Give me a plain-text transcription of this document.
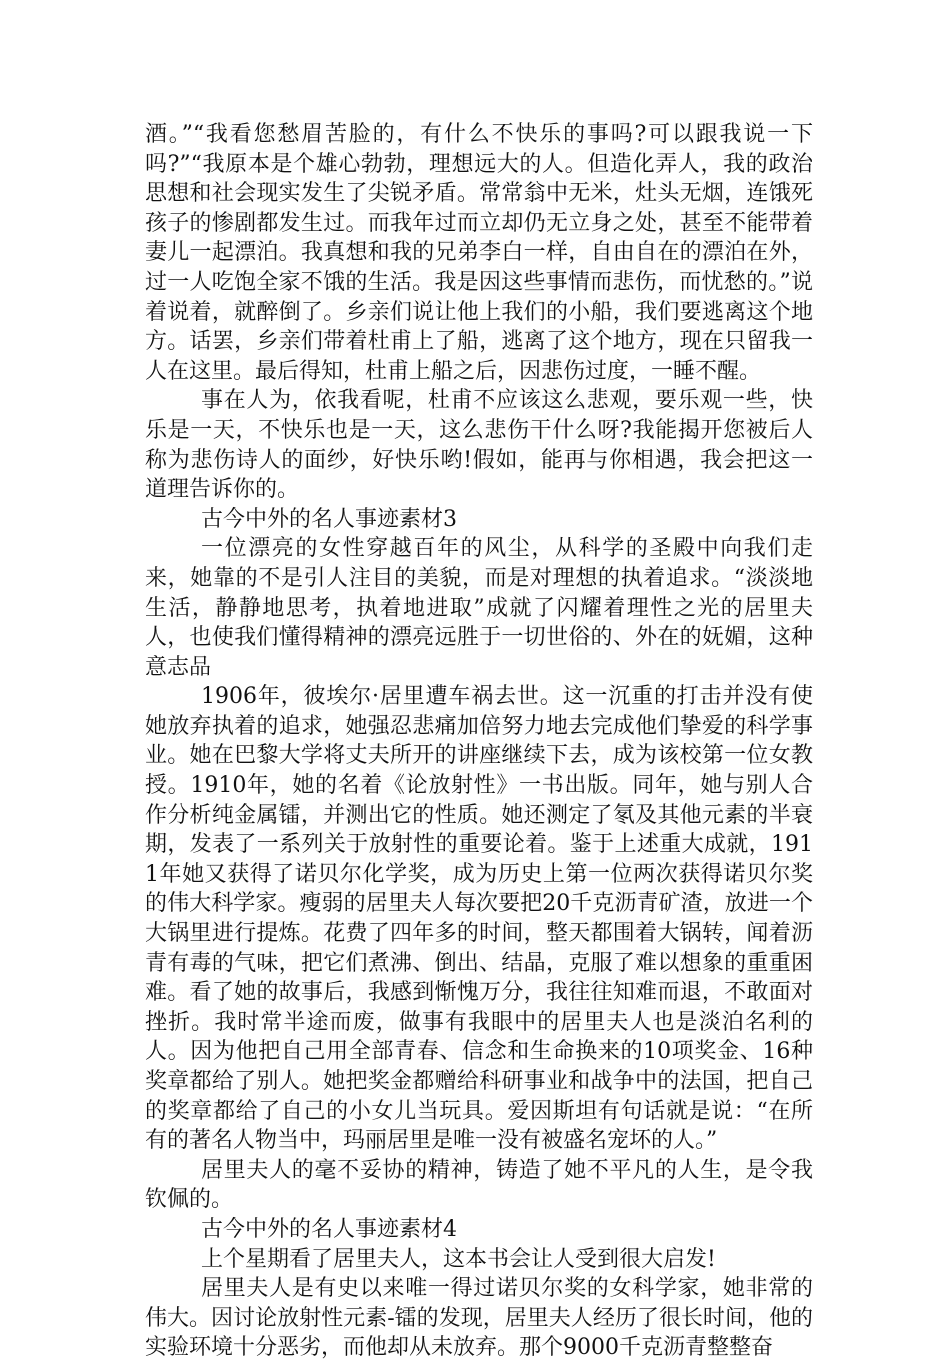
酒。”“我看您愁眉苦脸的，有什么不快乐的事吗?可以跟我说一下吗?”“我原本是个雄心勃勃，理想远大的人。但造化弄人，我的政治思想和社会现实发生了尖锐矛盾。常常翁中无米，灶头无烟，连饿死孩子的惨剧都发生过。而我年过而立却仍无立身之处，甚至不能带着妻儿一起漂泊。我真想和我的兄弟李白一样，自由自在的漂泊在外，过一人吃饱全家不饿的生活。我是因这些事情而悲伤，而忧愁的。”说着说着，就醉倒了。乡亲们说让他上我们的小船，我们要逃离这个地方。话罢，乡亲们带着杜甫上了船，逃离了这个地方，现在只留我一人在这里。最后得知，杜甫上船之后，因悲伤过度，一睡不醒。

事在人为，依我看呢，杜甫不应该这么悲观，要乐观一些，快乐是一天，不快乐也是一天，这么悲伤干什么呀?我能揭开您被后人称为悲伤诗人的面纱，好快乐哟!假如，能再与你相遇，我会把这一道理告诉你的。

古今中外的名人事迹素材3

一位漂亮的女性穿越百年的风尘，从科学的圣殿中向我们走来，她靠的不是引人注目的美貌，而是对理想的执着追求。“淡淡地生活，静静地思考，执着地进取”成就了闪耀着理性之光的居里夫人，也使我们懂得精神的漂亮远胜于一切世俗的、外在的妩媚，这种意志品

1906年，彼埃尔·居里遭车祸去世。这一沉重的打击并没有使她放弃执着的追求，她强忍悲痛加倍努力地去完成他们挚爱的科学事业。她在巴黎大学将丈夫所开的讲座继续下去，成为该校第一位女教授。1910年，她的名着《论放射性》一书出版。同年，她与别人合作分析纯金属镭，并测出它的性质。她还测定了氡及其他元素的半衰期，发表了一系列关于放射性的重要论着。鉴于上述重大成就，1911年她又获得了诺贝尔化学奖，成为历史上第一位两次获得诺贝尔奖的伟大科学家。瘦弱的居里夫人每次要把20千克沥青矿渣，放进一个大锅里进行提炼。花费了四年多的时间，整天都围着大锅转，闻着沥青有毒的气味，把它们煮沸、倒出、结晶，克服了难以想象的重重困难。看了她的故事后，我感到惭愧万分，我往往知难而退，不敢面对挫折。我时常半途而废，做事有我眼中的居里夫人也是淡泊名利的人。因为他把自己用全部青春、信念和生命换来的10项奖金、16种奖章都给了别人。她把奖金都赠给科研事业和战争中的法国，把自己的奖章都给了自己的小女儿当玩具。爱因斯坦有句话就是说：“在所有的著名人物当中，玛丽居里是唯一没有被盛名宠坏的人。”

居里夫人的毫不妥协的精神，铸造了她不平凡的人生，是令我钦佩的。

古今中外的名人事迹素材4

上个星期看了居里夫人，这本书会让人受到很大启发!

居里夫人是有史以来唯一得过诺贝尔奖的女科学家，她非常的伟大。因讨论放射性元素-镭的发现，居里夫人经历了很长时间，他的实验环境十分恶劣，而他却从未放弃。那个9000千克沥青整整奋
